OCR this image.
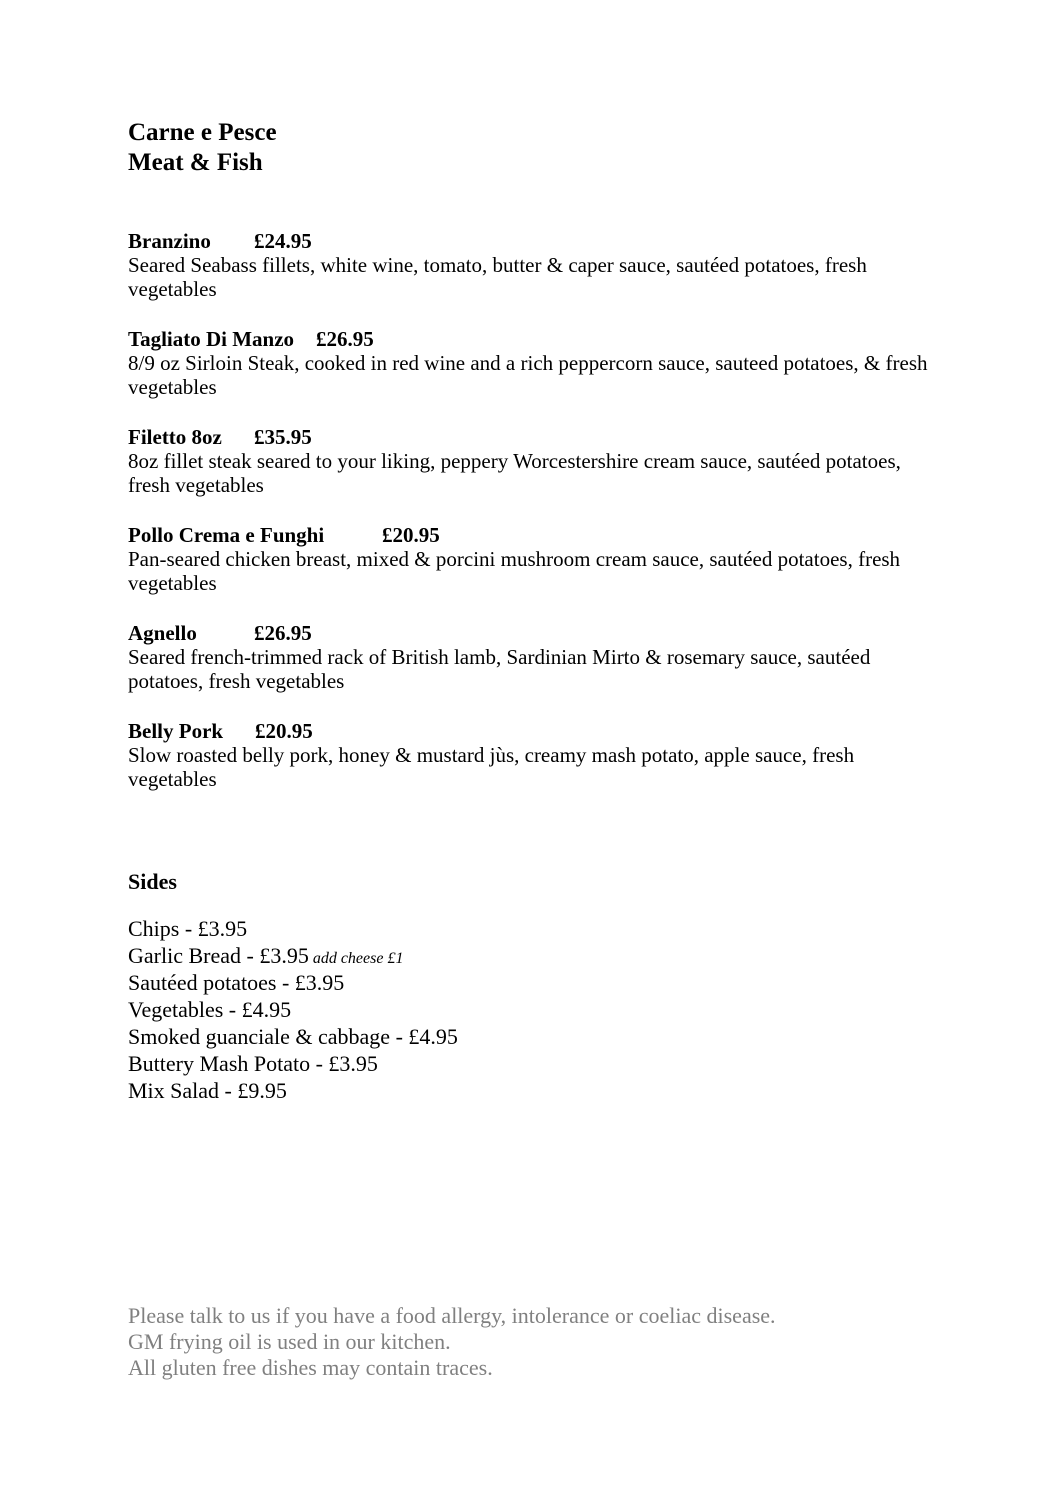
Carne e Pesce
Meat & Fish
Branzino £24.95
Seared Seabass fillets, white wine, tomato, butter & caper sauce, sautéed potatoes, fresh vegetables
Tagliato Di Manzo £26.95
8/9 oz Sirloin Steak, cooked in red wine and a rich peppercorn sauce, sauteed potatoes, & fresh vegetables
Filetto 8oz £35.95
8oz fillet steak seared to your liking, peppery Worcestershire cream sauce, sautéed potatoes, fresh vegetables
Pollo Crema e Funghi	£20.95
Pan-seared chicken breast, mixed & porcini mushroom cream sauce, sautéed potatoes, fresh vegetables
Agnello	£26.95
Seared french-trimmed rack of British lamb, Sardinian Mirto & rosemary sauce, sautéed potatoes, fresh vegetables
Belly Pork £20.95
Slow roasted belly pork, honey & mustard jùs, creamy mash potato, apple sauce, fresh vegetables
Sides
Chips - £3.95
Garlic Bread - £3.95 add cheese £1
Sautéed potatoes - £3.95
Vegetables - £4.95
Smoked guanciale & cabbage - £4.95
Buttery Mash Potato - £3.95
Mix Salad - £9.95
Please talk to us if you have a food allergy, intolerance or coeliac disease.
GM frying oil is used in our kitchen.
All gluten free dishes may contain traces.
